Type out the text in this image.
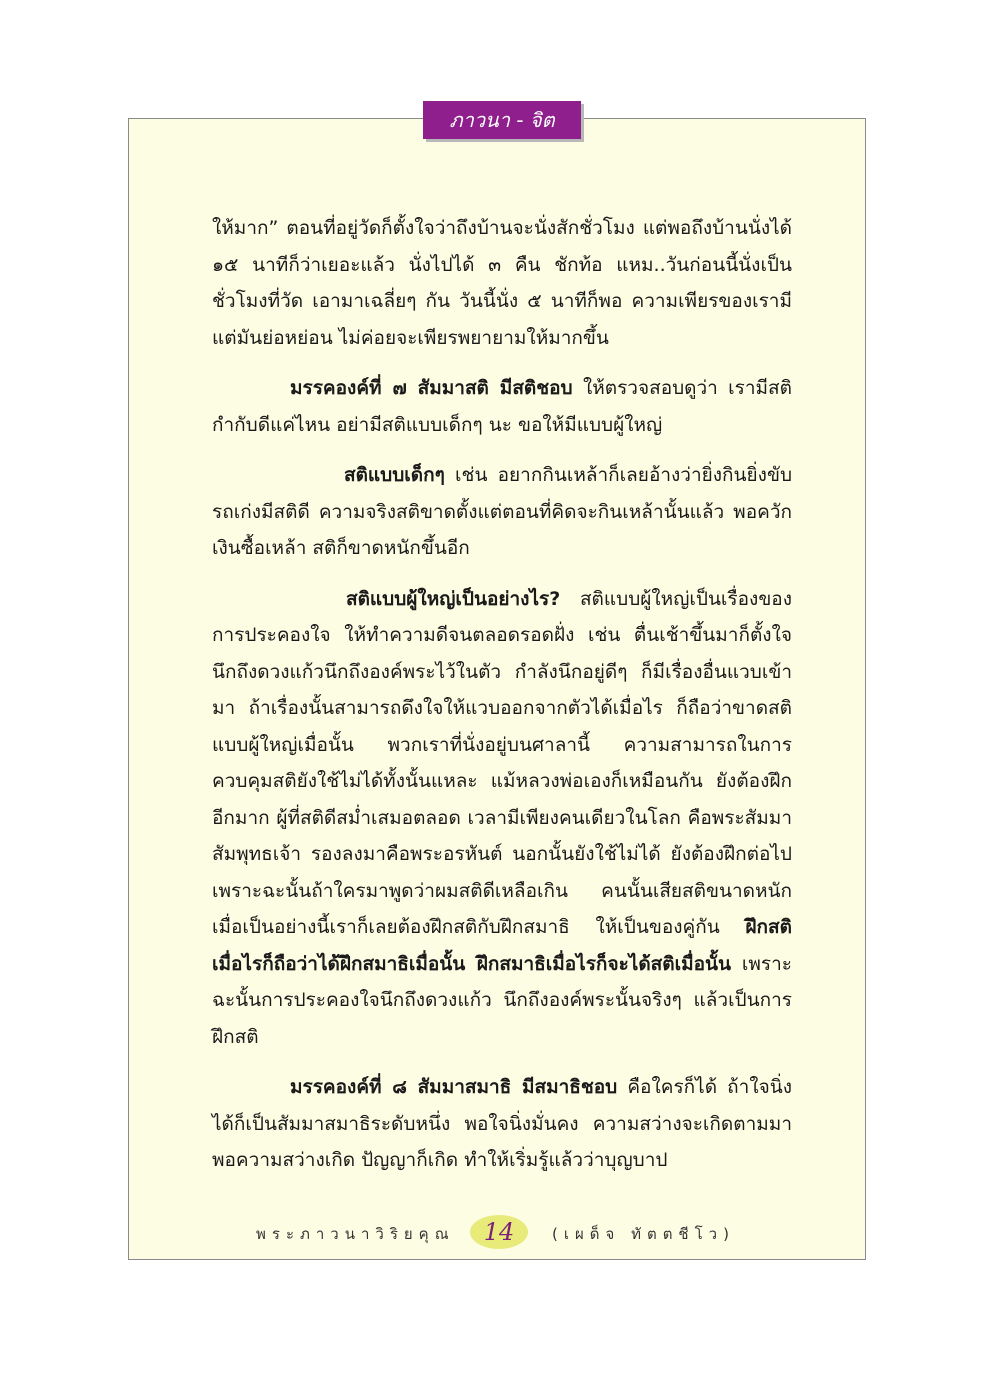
ภาวนา - จิต

ให้มาก” ตอนที่อยู่วัดก็ตั้งใจว่าถึงบ้านจะนั่งสักชั่วโมง แต่พอถึงบ้านนั่งได้ ๑๕ นาทีก็ว่าเยอะแล้ว นั่งไปได้ ๓ คืน ชักท้อ แหม..วันก่อนนี้นั่งเป็นชั่วโมงที่วัด เอามาเฉลี่ยๆ กัน วันนี้นั่ง ๕ นาทีก็พอ ความเพียรของเรามี แต่มันย่อหย่อน ไม่ค่อยจะเพียรพยายามให้มากขึ้น

มรรคองค์ที่ ๗ สัมมาสติ มีสติชอบ ให้ตรวจสอบดูว่า เรามีสติกำกับดีแค่ไหน อย่ามีสติแบบเด็กๆ นะ ขอให้มีแบบผู้ใหญ่

สติแบบเด็กๆ เช่น อยากกินเหล้าก็เลยอ้างว่ายิ่งกินยิ่งขับรถเก่งมีสติดี ความจริงสติขาดตั้งแต่ตอนที่คิดจะกินเหล้านั้นแล้ว พอควักเงินซื้อเหล้า สติก็ขาดหนักขึ้นอีก

สติแบบผู้ใหญ่เป็นอย่างไร? สติแบบผู้ใหญ่เป็นเรื่องของการประคองใจ ให้ทำความดีจนตลอดรอดฝั่ง เช่น ตื่นเช้าขึ้นมาก็ตั้งใจนึกถึงดวงแก้วนึกถึงองค์พระไว้ในตัว กำลังนึกอยู่ดีๆ ก็มีเรื่องอื่นแวบเข้ามา ถ้าเรื่องนั้นสามารถดึงใจให้แวบออกจากตัวได้เมื่อไร ก็ถือว่าขาดสติแบบผู้ใหญ่เมื่อนั้น พวกเราที่นั่งอยู่บนศาลานี้ ความสามารถในการควบคุมสติยังใช้ไม่ได้ทั้งนั้นแหละ แม้หลวงพ่อเองก็เหมือนกัน ยังต้องฝึกอีกมาก ผู้ที่สติดีสม่ำเสมอตลอด เวลามีเพียงคนเดียวในโลก คือพระสัมมาสัมพุทธเจ้า รองลงมาคือพระอรหันต์ นอกนั้นยังใช้ไม่ได้ ยังต้องฝึกต่อไป เพราะฉะนั้นถ้าใครมาพูดว่าผมสติดีเหลือเกิน คนนั้นเสียสติขนาดหนัก เมื่อเป็นอย่างนี้เราก็เลยต้องฝึกสติกับฝึกสมาธิ ให้เป็นของคู่กัน ฝึกสติเมื่อไรก็ถือว่าได้ฝึกสมาธิเมื่อนั้น ฝึกสมาธิเมื่อไรก็จะได้สติเมื่อนั้น เพราะฉะนั้นการประคองใจนึกถึงดวงแก้ว นึกถึงองค์พระนั้นจริงๆ แล้วเป็นการฝึกสติ

มรรคองค์ที่ ๘ สัมมาสมาธิ มีสมาธิชอบ คือใครก็ได้ ถ้าใจนิ่งได้ก็เป็นสัมมาสมาธิระดับหนึ่ง พอใจนิ่งมั่นคง ความสว่างจะเกิดตามมา พอความสว่างเกิด ปัญญาก็เกิด ทำให้เริ่มรู้แล้วว่าบุญบาป

พระภาวนาวิริยคุณ 14	(เผด็จ ทัตตชีโว)
